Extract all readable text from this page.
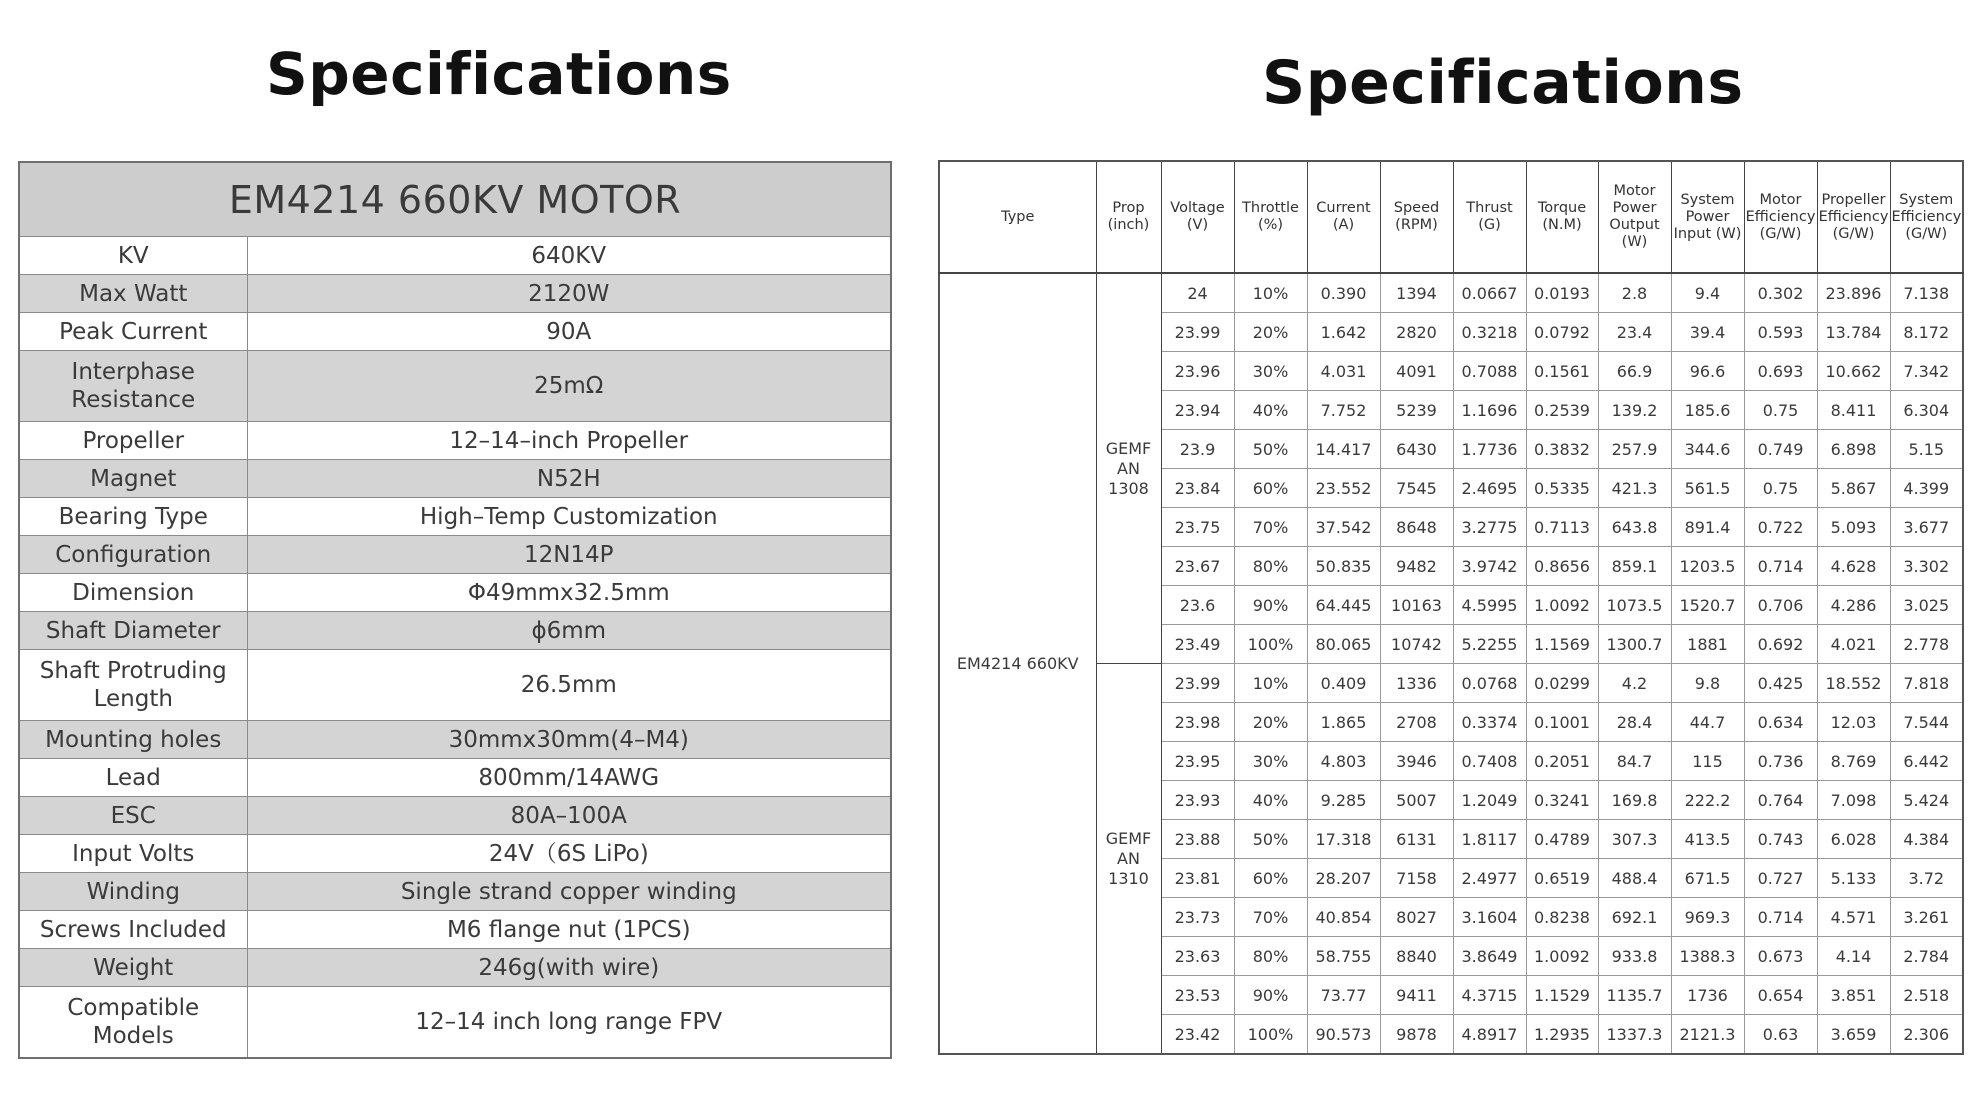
Specifications	Specifications
EM4214 660KV MOTOR	
KV	640KV
Max Watt	2120W
Peak Current	90A
Interphase Resistance	25mΩ
Propeller	12–14–inch Propeller
Magnet	N52H
Bearing Type	High–Temp Customization
Configuration	12N14P
Dimension	Φ49mmx32.5mm
Shaft Diameter	ϕ6mm
Shaft Protruding Length	26.5mm
Mounting holes	30mmx30mm(4–M4)
Lead	800mm/14AWG
ESC	80A–100A
Input Volts	24V（6S LiPo)
Winding	Single strand copper winding
Screws Included	M6 flange nut (1PCS)
Weight	246g(with wire)
Compatible Models	12–14 inch long range FPV
Type	Prop (inch)	Voltage (V)	Throttle (%)	Current (A)	Speed (RPM)	Thrust (G)	Torque (N.M)	Motor Power Output (W)	System Power Input (W)	Motor Efficiency (G/W)	Propeller Efficiency (G/W)	System Efficiency (G/W)
EM4214 660KV	GEMF AN 1308	24	10%	0.390	1394	0.0667	0.0193	2.8	9.4	0.302	23.896	7.138
		23.99	20%	1.642	2820	0.3218	0.0792	23.4	39.4	0.593	13.784	8.172
		23.96	30%	4.031	4091	0.7088	0.1561	66.9	96.6	0.693	10.662	7.342
		23.94	40%	7.752	5239	1.1696	0.2539	139.2	185.6	0.75	8.411	6.304
		23.9	50%	14.417	6430	1.7736	0.3832	257.9	344.6	0.749	6.898	5.15
		23.84	60%	23.552	7545	2.4695	0.5335	421.3	561.5	0.75	5.867	4.399
		23.75	70%	37.542	8648	3.2775	0.7113	643.8	891.4	0.722	5.093	3.677
		23.67	80%	50.835	9482	3.9742	0.8656	859.1	1203.5	0.714	4.628	3.302
		23.6	90%	64.445	10163	4.5995	1.0092	1073.5	1520.7	0.706	4.286	3.025
		23.49	100%	80.065	10742	5.2255	1.1569	1300.7	1881	0.692	4.021	2.778
	GEMF AN 1310	23.99	10%	0.409	1336	0.0768	0.0299	4.2	9.8	0.425	18.552	7.818
		23.98	20%	1.865	2708	0.3374	0.1001	28.4	44.7	0.634	12.03	7.544
		23.95	30%	4.803	3946	0.7408	0.2051	84.7	115	0.736	8.769	6.442
		23.93	40%	9.285	5007	1.2049	0.3241	169.8	222.2	0.764	7.098	5.424
		23.88	50%	17.318	6131	1.8117	0.4789	307.3	413.5	0.743	6.028	4.384
		23.81	60%	28.207	7158	2.4977	0.6519	488.4	671.5	0.727	5.133	3.72
		23.73	70%	40.854	8027	3.1604	0.8238	692.1	969.3	0.714	4.571	3.261
		23.63	80%	58.755	8840	3.8649	1.0092	933.8	1388.3	0.673	4.14	2.784
		23.53	90%	73.77	9411	4.3715	1.1529	1135.7	1736	0.654	3.851	2.518
		23.42	100%	90.573	9878	4.8917	1.2935	1337.3	2121.3	0.63	3.659	2.306
